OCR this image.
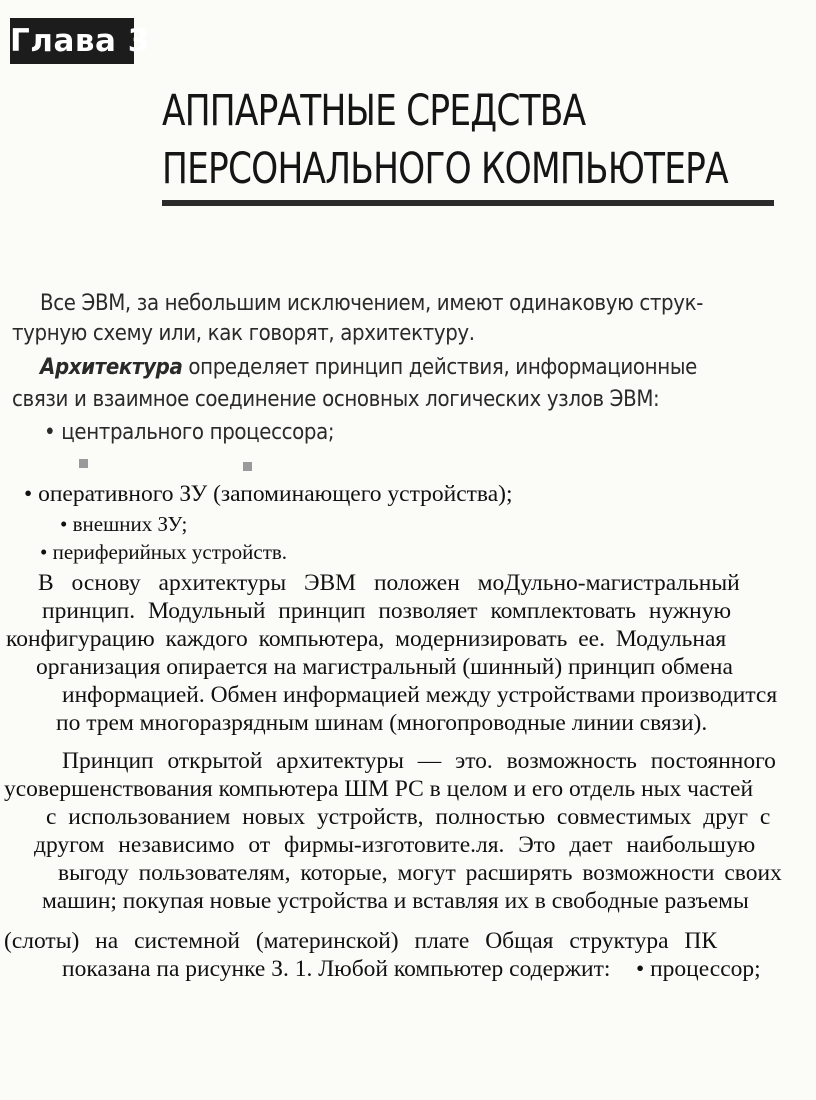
Глава 3
АППАРАТНЫЕ СРЕДСТВА
ПЕРСОНАЛЬНОГО КОМПЬЮТЕРА
Все ЭВМ, за небольшим исключением, имеют одинаковую струк-
турную схему или, как говорят, архитектуру.
Архитектура определяет принцип действия, информационные
связи и взаимное соединение основных логических узлов ЭВМ:
• центрального процессора;
• оперативного ЗУ (запоминающего устройства);
• внешних ЗУ;
• периферийных устройств.
В основу архитектуры ЭВМ положен моДульно-магистральный
принцип. Модульный принцип позволяет комплектовать нужную
конфигурацию каждого компьютера, модернизировать ее. Модульная
организация опирается на магистральный (шинный) принцип обмена
информацией. Обмен информацией между устройствами производится
по трем многоразрядным шинам (многопроводные линии связи).
Принцип открытой архитектуры — это. возможность постоянного
усовершенствования компьютера ШМ РС в целом и его отдель ных частей
с использованием новых устройств, полностью совместимых друг с
другом независимо от фирмы-изготовите.ля. Это дает наибольшую
выгоду пользователям, которые, могут расширять возможности своих
машин; покупая новые устройства и вставляя их в свободные разъемы
(слоты) на системной (материнской) плате Общая структура ПК
показана па рисунке З. 1. Любой компьютер содержит: • процессор;
